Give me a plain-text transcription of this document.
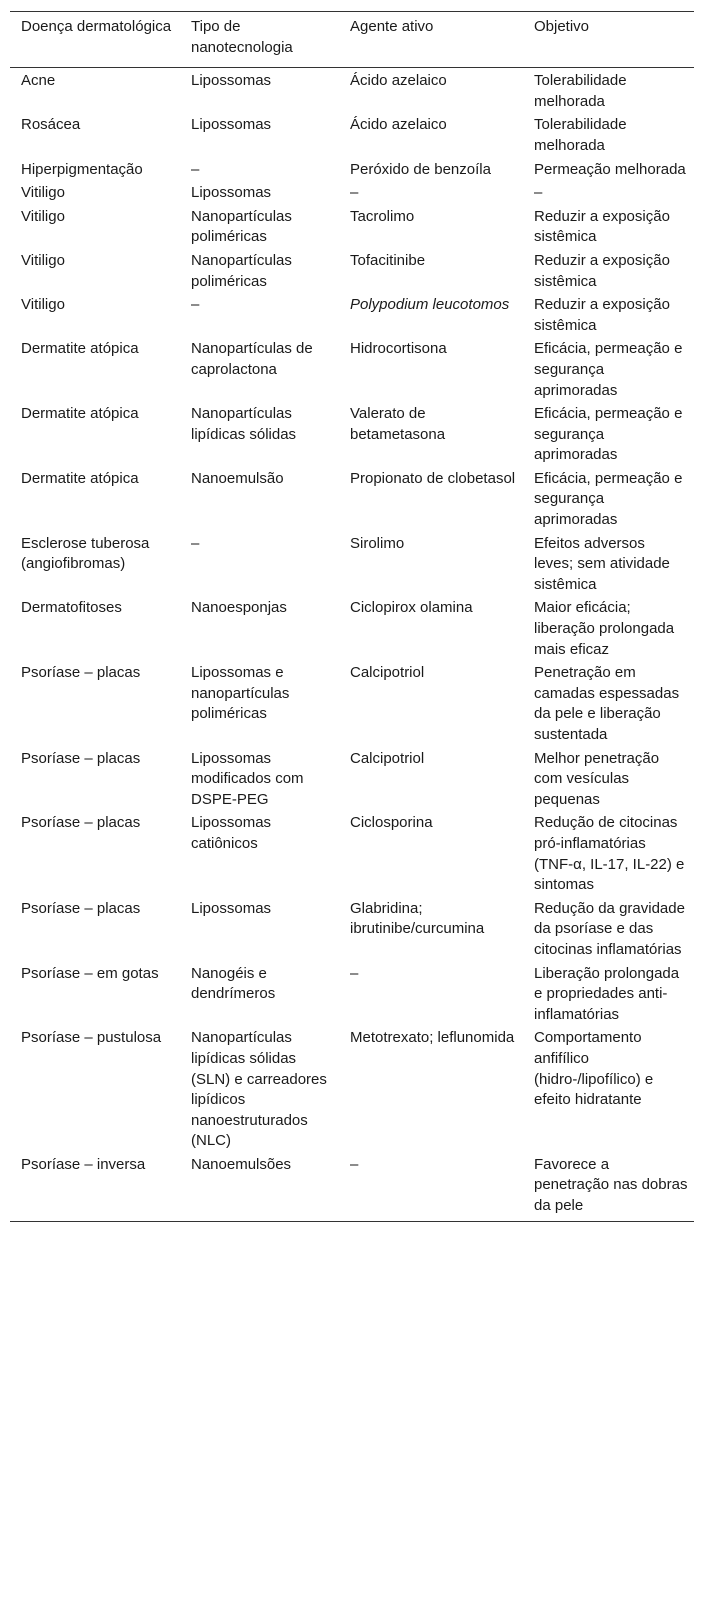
Doença dermatológica	Tipo de nanotecnologia	Agente ativo	Objetivo
Acne	Lipossomas	Ácido azelaico	Tolerabilidade melhorada
Rosácea	Lipossomas	Ácido azelaico	Tolerabilidade melhorada
Hiperpigmentação	–	Peróxido de benzoíla	Permeação melhorada
Vitiligo	Lipossomas	–	–
Vitiligo	Nanopartículas poliméricas	Tacrolimo	Reduzir a exposição sistêmica
Vitiligo	Nanopartículas poliméricas	Tofacitinibe	Reduzir a exposição sistêmica
Vitiligo	–	Polypodium leucotomos	Reduzir a exposição sistêmica
Dermatite atópica	Nanopartículas de caprolactona	Hidrocortisona	Eficácia, permeação e segurança aprimoradas
Dermatite atópica	Nanopartículas lipídicas sólidas	Valerato de betametasona	Eficácia, permeação e segurança aprimoradas
Dermatite atópica	Nanoemulsão	Propionato de clobetasol	Eficácia, permeação e segurança aprimoradas
Esclerose tuberosa (angiofibromas)	–	Sirolimo	Efeitos adversos leves; sem atividade sistêmica
Dermatofitoses	Nanoesponjas	Ciclopirox olamina	Maior eficácia; liberação prolongada mais eficaz
Psoríase – placas	Lipossomas e nanopartículas poliméricas	Calcipotriol	Penetração em camadas espessadas da pele e liberação sustentada
Psoríase – placas	Lipossomas modificados com DSPE-PEG	Calcipotriol	Melhor penetração com vesículas pequenas
Psoríase – placas	Lipossomas catiônicos	Ciclosporina	Redução de citocinas pró-inflamatórias (TNF-α, IL-17, IL-22) e sintomas
Psoríase – placas	Lipossomas	Glabridina; ibrutinibe/curcumina	Redução da gravidade da psoríase e das citocinas inflamatórias
Psoríase – em gotas	Nanogéis e dendrímeros	–	Liberação prolongada e propriedades anti-inflamatórias
Psoríase – pustulosa	Nanopartículas lipídicas sólidas (SLN) e carreadores lipídicos nanoestruturados (NLC)	Metotrexato; leflunomida	Comportamento anfifílico (hidro-/lipofílico) e efeito hidratante
Psoríase – inversa	Nanoemulsões	–	Favorece a penetração nas dobras da pele
